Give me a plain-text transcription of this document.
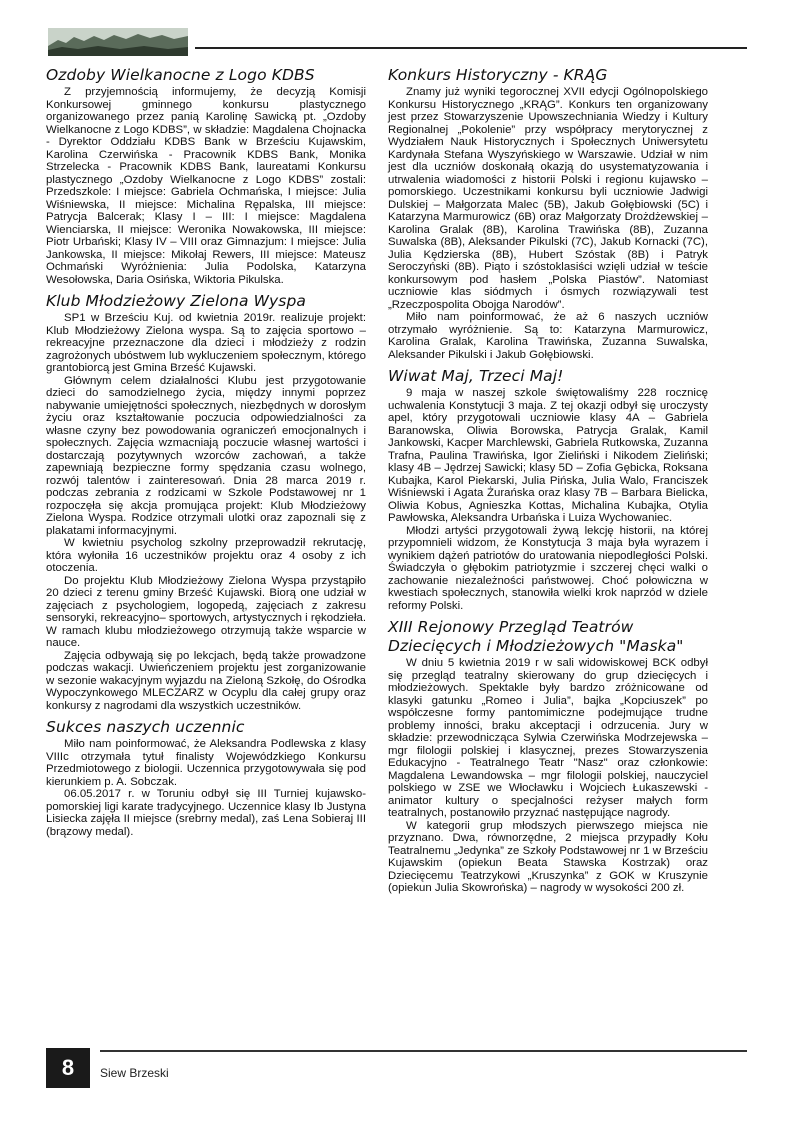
Ozdoby Wielkanocne z Logo KDBS

Z przyjemnością informujemy, że decyzją Komisji Konkursowej gminnego konkursu plastycznego organizowanego przez panią Karolinę Sawicką pt. „Ozdoby Wielkanocne z Logo KDBS”, w składzie: Magdalena Chojnacka - Dyrektor Oddziału KDBS Bank w Brześciu Kujawskim, Karolina Czerwińska - Pracownik KDBS Bank, Monika Strzelecka - Pracownik KDBS Bank, laureatami Konkursu plastycznego „Ozdoby Wielkanocne z Logo KDBS” zostali: Przedszkole: I miejsce: Gabriela Ochmańska, I miejsce: Julia Wiśniewska, II miejsce: Michalina Rępalska, III miejsce: Patrycja Balcerak; Klasy I – III: I miejsce: Magdalena Wienciarska, II miejsce: Weronika Nowakowska, III miejsce: Piotr Urbański; Klasy IV – VIII oraz Gimnazjum: I miejsce: Julia Jankowska, II miejsce: Mikołaj Rewers, III miejsce: Mateusz Ochmański Wyróżnienia: Julia Podolska, Katarzyna Wesołowska, Daria Osińska, Wiktoria Pikulska.

Klub Młodzieżowy Zielona Wyspa

SP1 w Brześciu Kuj. od kwietnia 2019r. realizuje projekt: Klub Młodzieżowy Zielona wyspa. Są to zajęcia sportowo – rekreacyjne przeznaczone dla dzieci i młodzieży z rodzin zagrożonych ubóstwem lub wykluczeniem społecznym, którego grantobiorcą jest Gmina Brześć Kujawski.

Głównym celem działalności Klubu jest przygotowanie dzieci do samodzielnego życia, między innymi poprzez nabywanie umiejętności społecznych, niezbędnych w dorosłym życiu oraz kształtowanie poczucia odpowiedzialności za własne czyny bez powodowania ograniczeń emocjonalnych i społecznych. Zajęcia wzmacniają poczucie własnej wartości i dostarczają pozytywnych wzorców zachowań, a także zapewniają bezpieczne formy spędzania czasu wolnego, rozwój talentów i zainteresowań. Dnia 28 marca 2019 r. podczas zebrania z rodzicami w Szkole Podstawowej nr 1 rozpoczęła się akcja promująca projekt: Klub Młodzieżowy Zielona Wyspa. Rodzice otrzymali ulotki oraz zapoznali się z plakatami informacyjnymi.

W kwietniu psycholog szkolny przeprowadził rekrutację, która wyłoniła 16 uczestników projektu oraz 4 osoby z ich otoczenia.

Do projektu Klub Młodzieżowy Zielona Wyspa przystąpiło 20 dzieci z terenu gminy Brześć Kujawski. Biorą one udział w zajęciach z psychologiem, logopedą, zajęciach z zakresu sensoryki, rekreacyjno– sportowych, artystycznych i rękodzieła. W ramach klubu młodzieżowego otrzymują także wsparcie w nauce.

Zajęcia odbywają się po lekcjach, będą także prowadzone podczas wakacji. Uwieńczeniem projektu jest zorganizowanie w sezonie wakacyjnym wyjazdu na Zieloną Szkołę, do Ośrodka Wypoczynkowego MLECZARZ w Ocyplu dla całej grupy oraz konkursy z nagrodami dla wszystkich uczestników.

Sukces naszych uczennic

Miło nam poinformować, że Aleksandra Podlewska z klasy VIIIc otrzymała tytuł finalisty Wojewódzkiego Konkursu Przedmiotowego z biologii. Uczennica przygotowywała się pod kierunkiem p. A. Sobczak.

06.05.2017 r. w Toruniu odbył się III Turniej kujawsko-pomorskiej ligi karate tradycyjnego. Uczennice klasy Ib Justyna Lisiecka zajęła II miejsce (srebrny medal), zaś Lena Sobieraj III (brązowy medal).

Konkurs Historyczny - KRĄG

Znamy już wyniki tegorocznej XVII edycji Ogólnopolskiego Konkursu Historycznego „KRĄG”. Konkurs ten organizowany jest przez Stowarzyszenie Upowszechniania Wiedzy i Kultury Regionalnej „Pokolenie” przy współpracy merytorycznej z Wydziałem Nauk Historycznych i Społecznych Uniwersytetu Kardynała Stefana Wyszyńskiego w Warszawie. Udział w nim jest dla uczniów doskonałą okazją do usystematyzowania i utrwalenia wiadomości z historii Polski i regionu kujawsko – pomorskiego. Uczestnikami konkursu byli uczniowie Jadwigi Dulskiej – Małgorzata Malec (5B), Jakub Gołębiowski (5C) i Katarzyna Marmurowicz (6B) oraz Małgorzaty Drożdżewskiej – Karolina Gralak (8B), Karolina Trawińska (8B), Zuzanna Suwalska (8B), Aleksander Pikulski (7C), Jakub Kornacki (7C), Julia Kędzierska (8B), Hubert Szóstak (8B) i Patryk Seroczyński (8B). Piąto i szóstoklasiści wzięli udział w teście konkursowym pod hasłem „Polska Piastów”. Natomiast uczniowie klas siódmych i ósmych rozwiązywali test „Rzeczpospolita Obojga Narodów”.

Miło nam poinformować, że aż 6 naszych uczniów otrzymało wyróżnienie. Są to: Katarzyna Marmurowicz, Karolina Gralak, Karolina Trawińska, Zuzanna Suwalska, Aleksander Pikulski i Jakub Gołębiowski.

Wiwat Maj, Trzeci Maj!

9 maja w naszej szkole świętowaliśmy 228 rocznicę uchwalenia Konstytucji 3 maja. Z tej okazji odbył się uroczysty apel, który przygotowali uczniowie klasy 4A – Gabriela Baranowska, Oliwia Borowska, Patrycja Gralak, Kamil Jankowski, Kacper Marchlewski, Gabriela Rutkowska, Zuzanna Trafna, Paulina Trawińska, Igor Zieliński i Nikodem Zieliński; klasy 4B – Jędrzej Sawicki; klasy 5D – Zofia Gębicka, Roksana Kubajka, Karol Piekarski, Julia Pińska, Julia Walo, Franciszek Wiśniewski i Agata Żurańska oraz klasy 7B – Barbara Bielicka, Oliwia Kobus, Agnieszka Kottas, Michalina Kubajka, Otylia Pawłowska, Aleksandra Urbańska i Luiza Wychowaniec.

Młodzi artyści przygotowali żywą lekcję historii, na której przypomnieli widzom, że Konstytucja 3 maja była wyrazem i wynikiem dążeń patriotów do uratowania niepodległości Polski. Świadczyła o głębokim patriotyzmie i szczerej chęci walki o zachowanie niezależności państwowej. Choć połowiczna w kwestiach społecznych, stanowiła wielki krok naprzód w dziele reformy Polski.

XIII Rejonowy Przegląd Teatrów Dziecięcych i Młodzieżowych "Maska"

W dniu 5 kwietnia 2019 r w sali widowiskowej BCK odbył się przegląd teatralny skierowany do grup dziecięcych i młodzieżowych. Spektakle były bardzo zróżnicowane od klasyki gatunku „Romeo i Julia”, bajka „Kopciuszek” po współczesne formy pantomimiczne podejmujące trudne problemy inności, braku akceptacji i odrzucenia. Jury w składzie: przewodnicząca Sylwia Czerwińska Modrzejewska – mgr filologii polskiej i klasycznej, prezes Stowarzyszenia Edukacyjno - Teatralnego Teatr "Nasz" oraz członkowie: Magdalena Lewandowska – mgr filologii polskiej, nauczyciel polskiego w ZSE we Włocławku i Wojciech Łukaszewski - animator kultury o specjalności reżyser małych form teatralnych, postanowiło przyznać następujące nagrody.

W kategorii grup młodszych pierwszego miejsca nie przyznano. Dwa, równorzędne, 2 miejsca przypadły Kołu Teatralnemu „Jedynka” ze Szkoły Podstawowej nr 1 w Brześciu Kujawskim (opiekun Beata Stawska Kostrzak) oraz Dziecięcemu Teatrzykowi „Kruszynka” z GOK w Kruszynie (opiekun Julia Skowrońska) – nagrody w wysokości 200 zł.

8	Siew Brzeski
